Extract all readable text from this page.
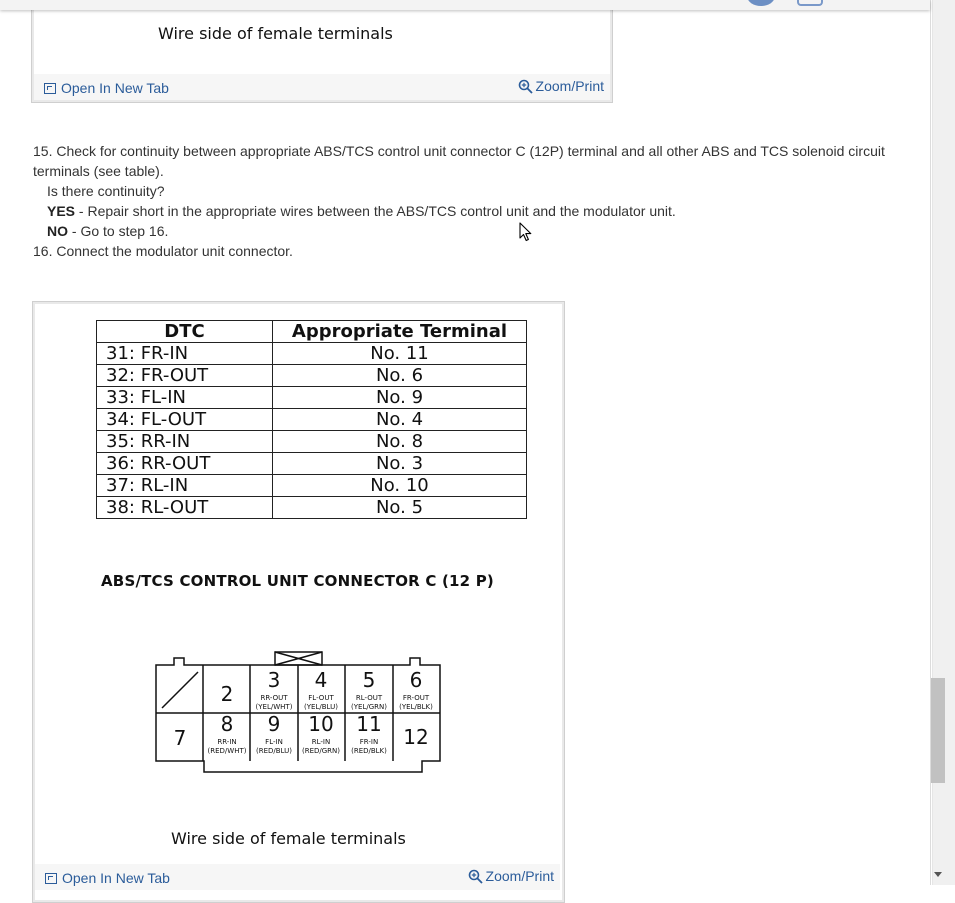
Wire side of female terminals
Open In New Tab	Zoom/Print

15. Check for continuity between appropriate ABS/TCS control unit connector C (12P) terminal and all other ABS and TCS solenoid circuit terminals (see table).

Is there continuity?

YES - Repair short in the appropriate wires between the ABS/TCS control unit and the modulator unit.

NO - Go to step 16.

16. Connect the modulator unit connector.

DTC	Appropriate Terminal
31: FR-IN	No. 11
32: FR-OUT	No. 6
33: FL-IN	No. 9
34: FL-OUT	No. 4
35: RR-IN	No. 8
36: RR-OUT	No. 3
37: RL-IN	No. 10
38: RL-OUT	No. 5
ABS/TCS CONTROL UNIT CONNECTOR C (12 P)
2
3 4 5 6
RR-OUT
(YEL/WHT)
FL-OUT
(YEL/BLU)
RL-OUT
(YEL/GRN)
FR-OUT
(YEL/BLK)
7
8 9 10 11
12
RR-IN
(RED/WHT)
FL-IN
(RED/BLU)
RL-IN
(RED/GRN)
FR-IN
(RED/BLK)
Wire side of female terminals
Open In New Tab	Zoom/Print
